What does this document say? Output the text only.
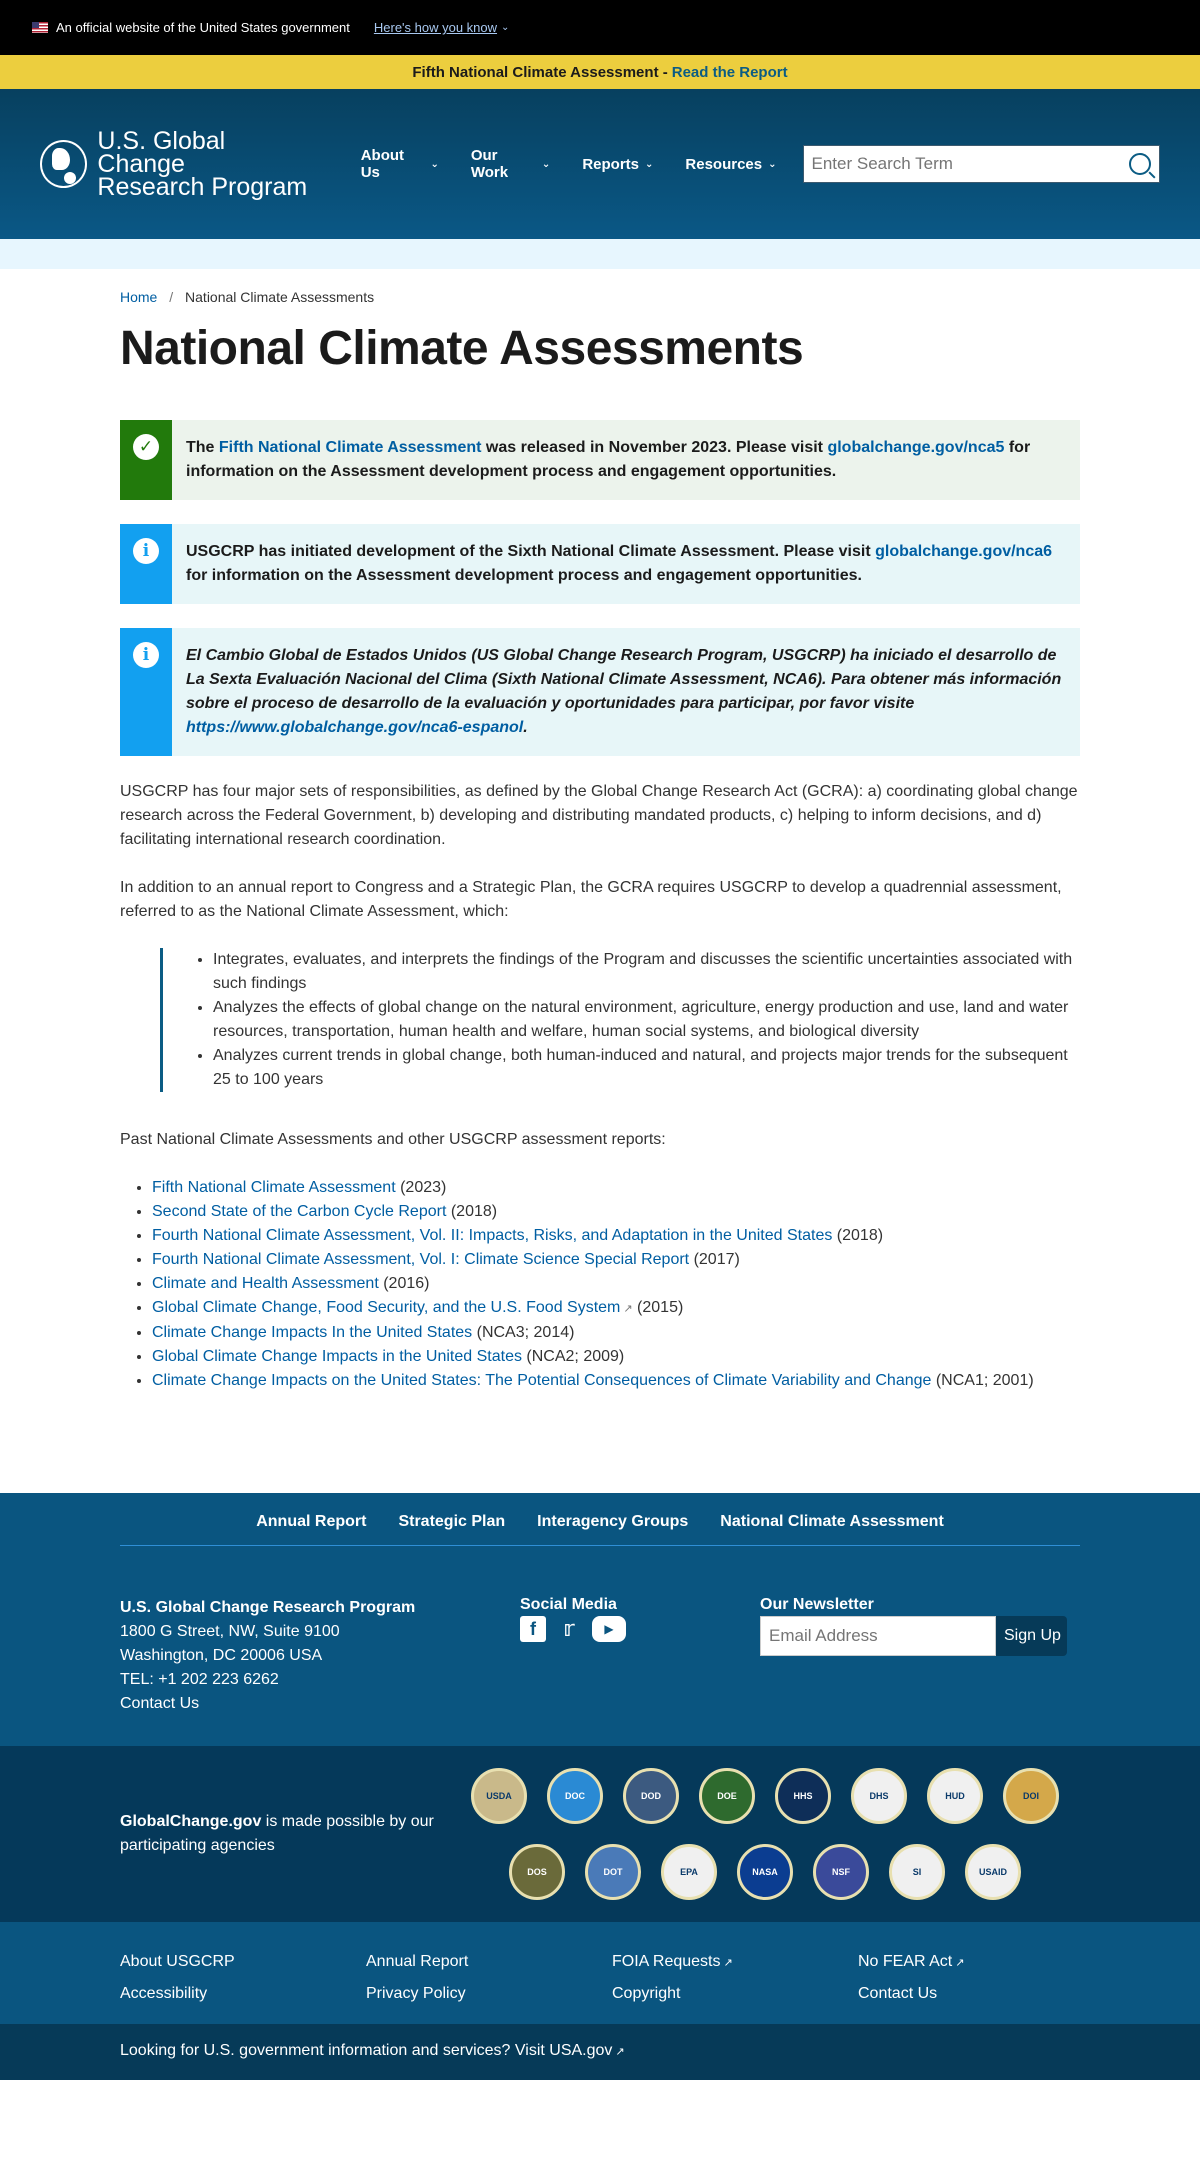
An official website of the United States government Here's how you know ⌄
Fifth National Climate Assessment - Read the Report
U.S. Global Change
Research Program
About Us	⌄ Our Work	⌄ Reports ⌄ Resources ⌄
Enter Search Term
Home / National Climate Assessments
National Climate Assessments
✓	The Fifth National Climate Assessment was released in November 2023. Please visit globalchange.gov/nca5 for information on the Assessment development process and engagement opportunities.
i	USGCRP has initiated development of the Sixth National Climate Assessment. Please visit globalchange.gov/nca6 for information on the Assessment development process and engagement opportunities.
i	El Cambio Global de Estados Unidos (US Global Change Research Program, USGCRP) ha iniciado el desarrollo de La Sexta Evaluación Nacional del Clima (Sixth National Climate Assessment, NCA6). Para obtener más información sobre el proceso de desarrollo de la evaluación y oportunidades para participar, por favor visite https://www.globalchange.gov/nca6-espanol.

USGCRP has four major sets of responsibilities, as defined by the Global Change Research Act (GCRA): a) coordinating global change research across the Federal Government, b) developing and distributing mandated products, c) helping to inform decisions, and d) facilitating international research coordination.

In addition to an annual report to Congress and a Strategic Plan, the GCRA requires USGCRP to develop a quadrennial assessment, referred to as the National Climate Assessment, which:

• Integrates, evaluates, and interprets the findings of the Program and discusses the scientific uncertainties associated with such findings
• Analyzes the effects of global change on the natural environment, agriculture, energy production and use, land and water resources, transportation, human health and welfare, human social systems, and biological diversity
• Analyzes current trends in global change, both human-induced and natural, and projects major trends for the subsequent 25 to 100 years

Past National Climate Assessments and other USGCRP assessment reports:

• Fifth National Climate Assessment (2023)
• Second State of the Carbon Cycle Report (2018)
• Fourth National Climate Assessment, Vol. II: Impacts, Risks, and Adaptation in the United States (2018)
• Fourth National Climate Assessment, Vol. I: Climate Science Special Report (2017)
• Climate and Health Assessment (2016)
• Global Climate Change, Food Security, and the U.S. Food System ↗ (2015)
• Climate Change Impacts In the United States (NCA3; 2014)
• Global Climate Change Impacts in the United States (NCA2; 2009)
• Climate Change Impacts on the United States: The Potential Consequences of Climate Variability and Change (NCA1; 2001)
Annual Report Strategic Plan Interagency Groups National Climate Assessment
U.S. Global Change Research Program
1800 G Street, NW, Suite 9100
Washington, DC 20006 USA
TEL: +1 202 223 6262
Contact Us
Social Media
f	𝕣	▶
Our Newsletter
Email Address
Sign Up
GlobalChange.gov is made possible by our participating agencies
USDA	DOC	DOD	DOE	HHS	DHS	HUD	DOI
DOS	DOT	EPA	NASA	NSF	SI	USAID
About USGCRP	Annual Report	FOIA Requests ↗	No FEAR Act ↗
Accessibility	Privacy Policy	Copyright	Contact Us
Looking for U.S. government information and services? Visit USA.gov ↗
